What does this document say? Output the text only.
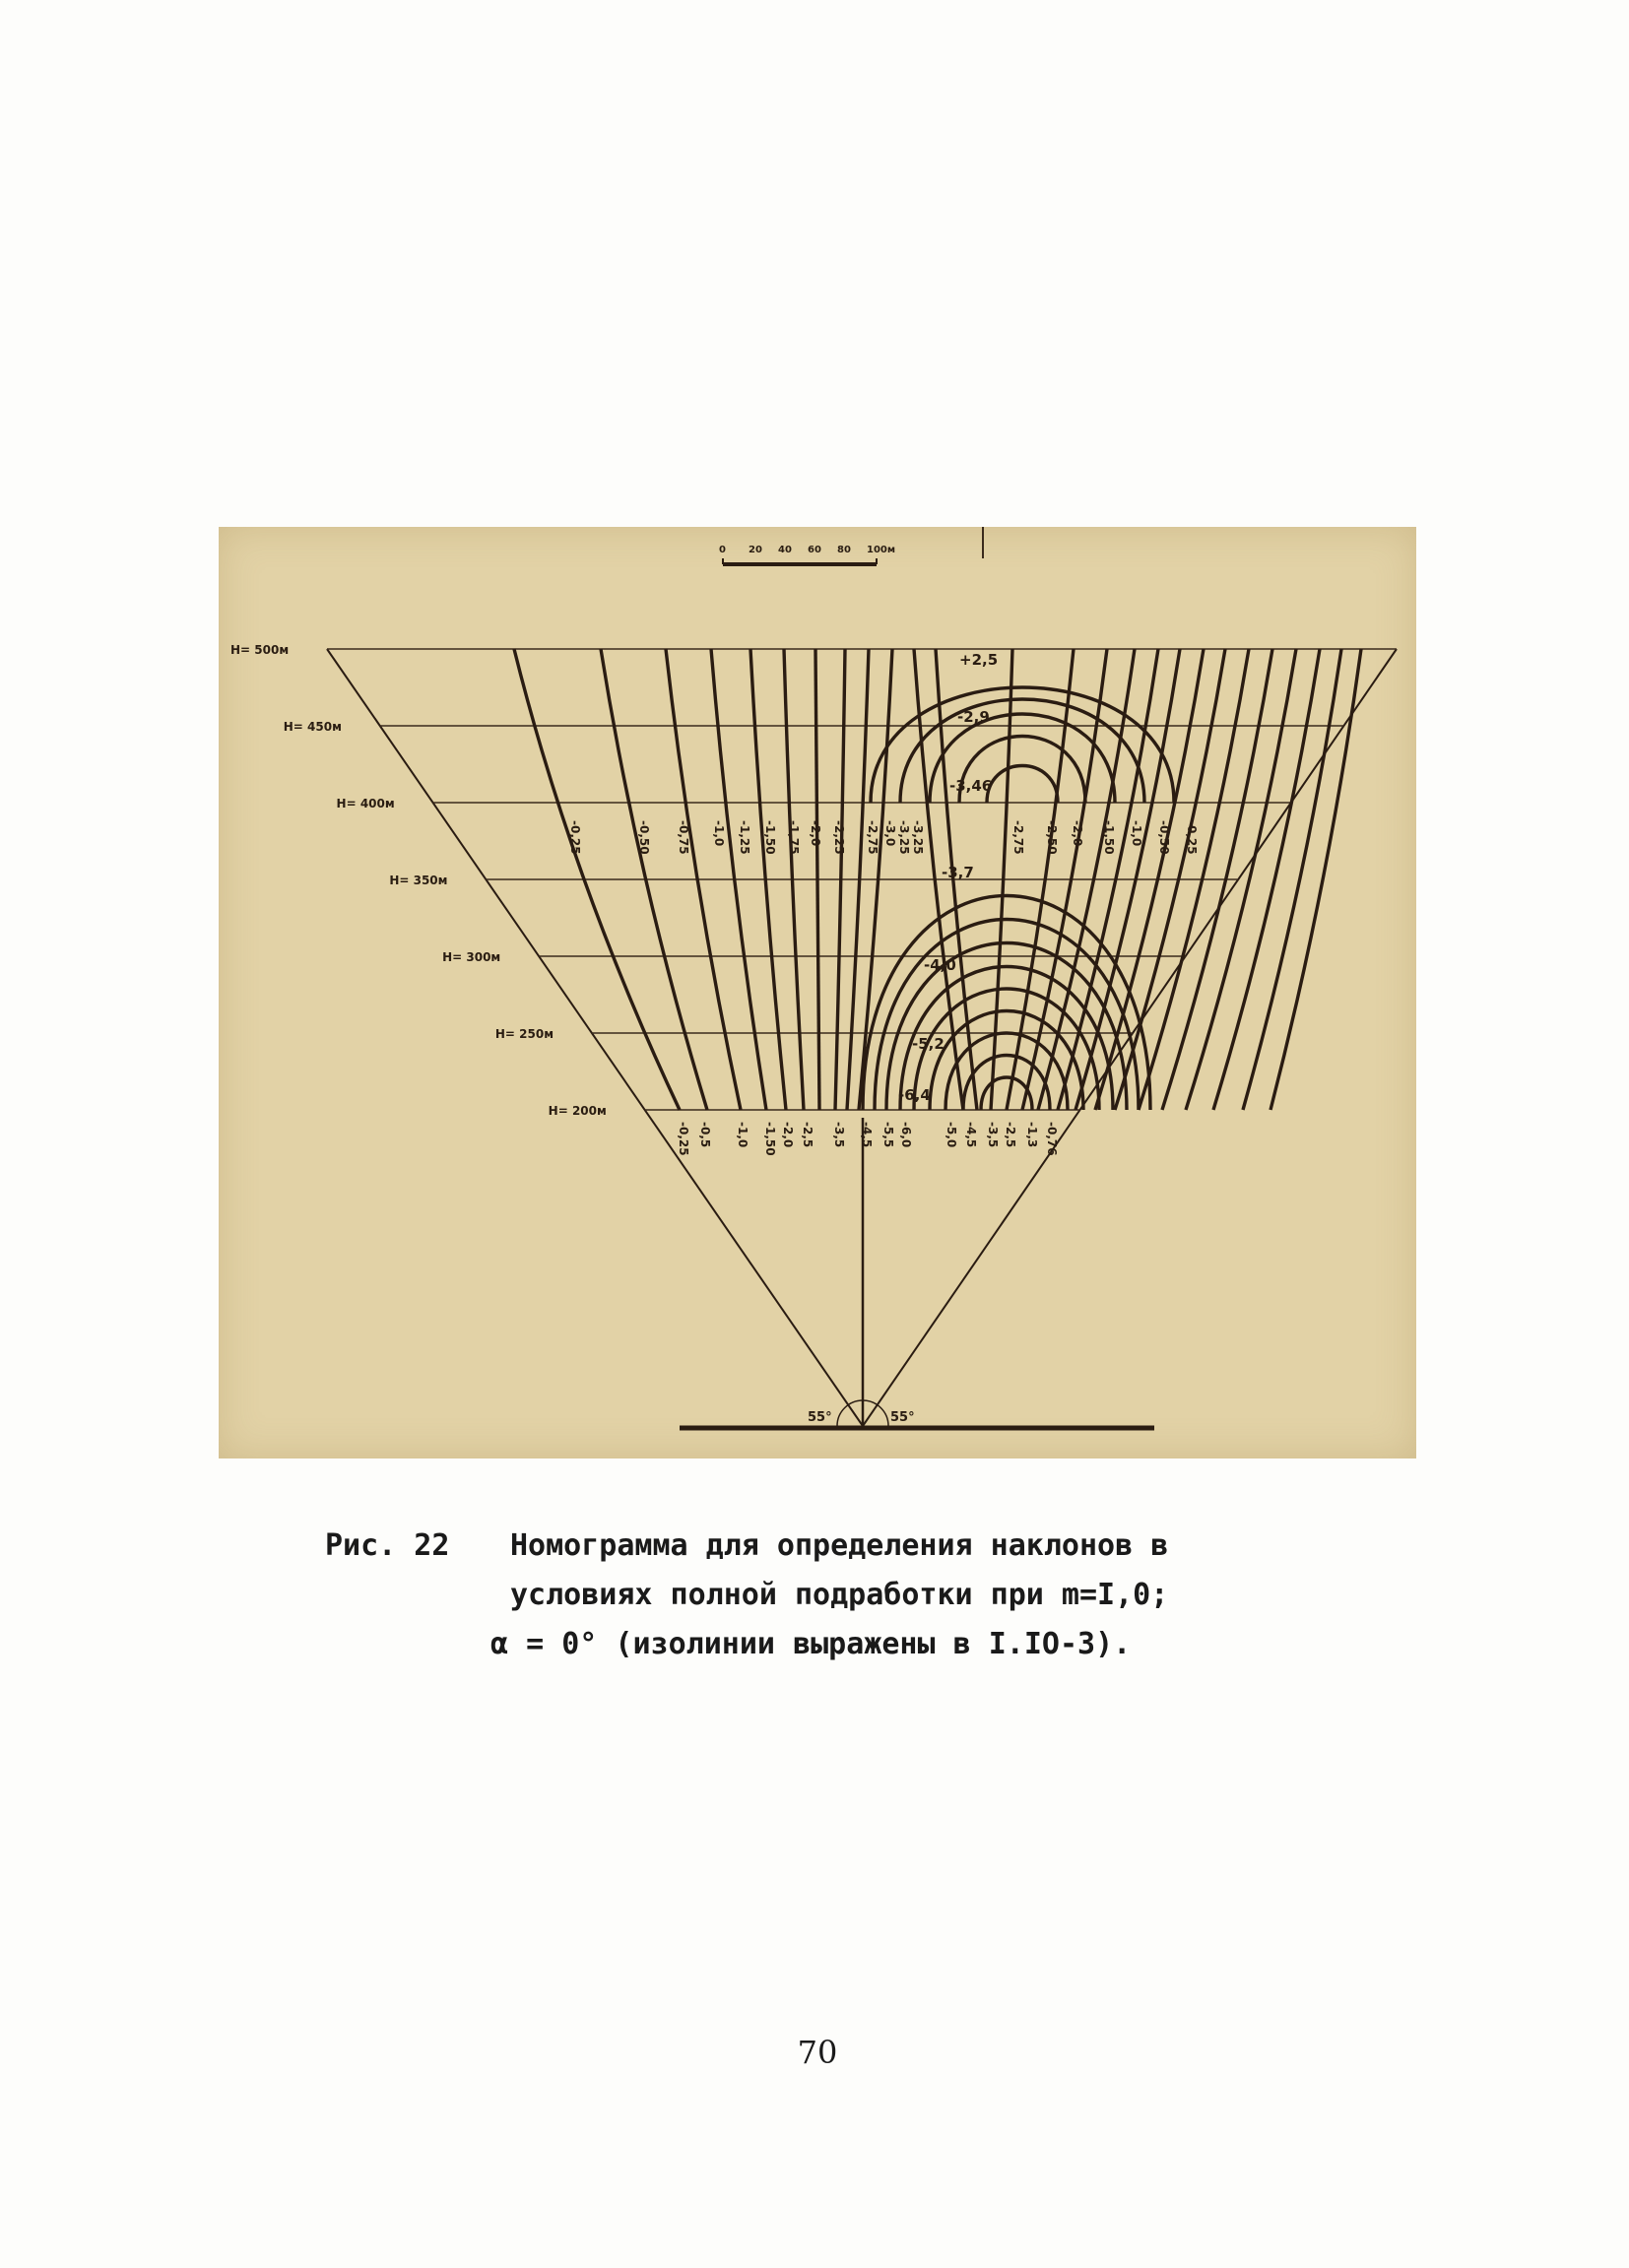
0 20 40 60 80 100м
55°	55°
H= 500м
H= 450м
H= 400м
H= 350м
H= 300м
H= 250м
H= 200м
-0,25	-0,50 -0,75 -1,0 -1,25 -1,50 -1,75 -2,0 -2,25 -2,75 -3,0 -3,25 -3,25	-2,75 -2,50 -2,0 -1,50 -1,0 -0,50 -0,25
-0,25 -0,5 -1,0 -1,50 -2,0 -2,5 -3,5 -4,5 -5,5 -6,0	-5,0 -4,5 -3,5 -2,5 -1,3 -0,76
+2,5
-2,9
-3,46
-3,7
-4,0
-5,2
-6,4
Рис. 22 Номограмма для определения наклонов в
условиях полной подработки при m=I,0;
α = 0° (изолинии выражены в I.IO-3).
70
